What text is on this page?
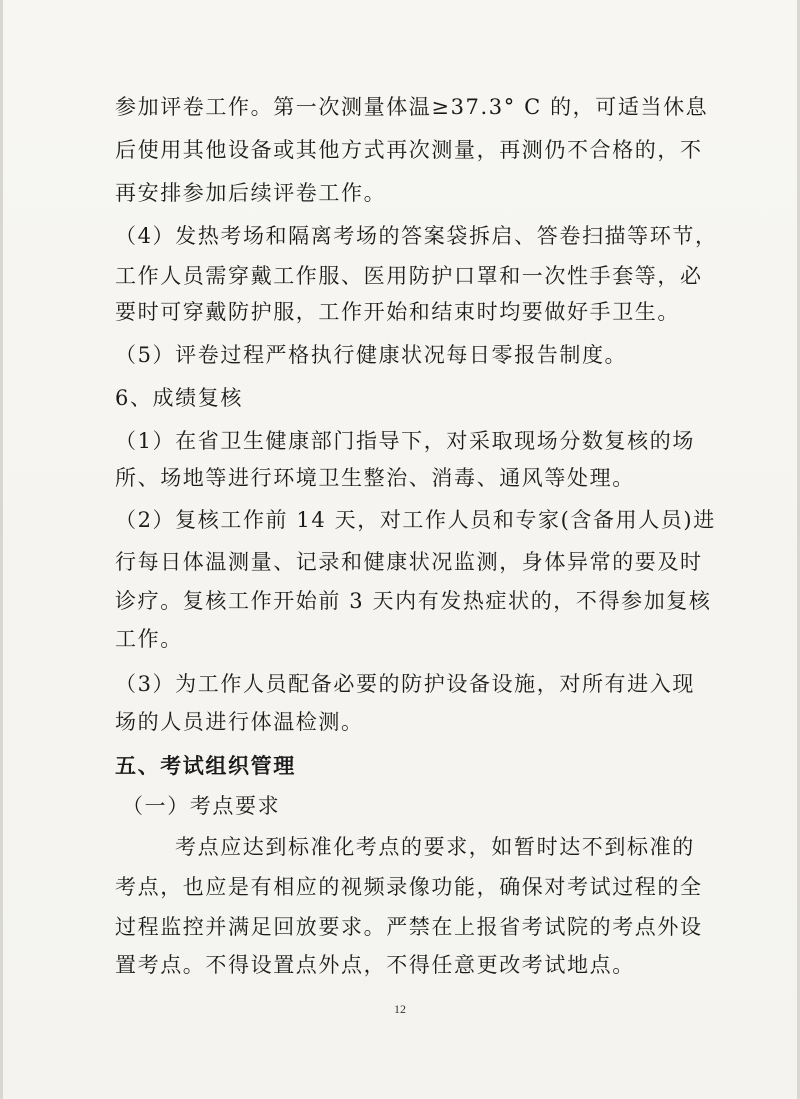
参加评卷工作。第一次测量体温≥37.3° C 的，可适当休息
后使用其他设备或其他方式再次测量，再测仍不合格的，不
再安排参加后续评卷工作。
（4）发热考场和隔离考场的答案袋拆启、答卷扫描等环节，
工作人员需穿戴工作服、医用防护口罩和一次性手套等，必
要时可穿戴防护服，工作开始和结束时均要做好手卫生。
（5）评卷过程严格执行健康状况每日零报告制度。
6、成绩复核
（1）在省卫生健康部门指导下，对采取现场分数复核的场
所、场地等进行环境卫生整治、消毒、通风等处理。
（2）复核工作前 14 天，对工作人员和专家(含备用人员)进
行每日体温测量、记录和健康状况监测，身体异常的要及时
诊疗。复核工作开始前 3 天内有发热症状的，不得参加复核
工作。
（3）为工作人员配备必要的防护设备设施，对所有进入现
场的人员进行体温检测。
五、考试组织管理
（一）考点要求
考点应达到标准化考点的要求，如暂时达不到标准的
考点，也应是有相应的视频录像功能，确保对考试过程的全
过程监控并满足回放要求。严禁在上报省考试院的考点外设
置考点。不得设置点外点，不得任意更改考试地点。
12
